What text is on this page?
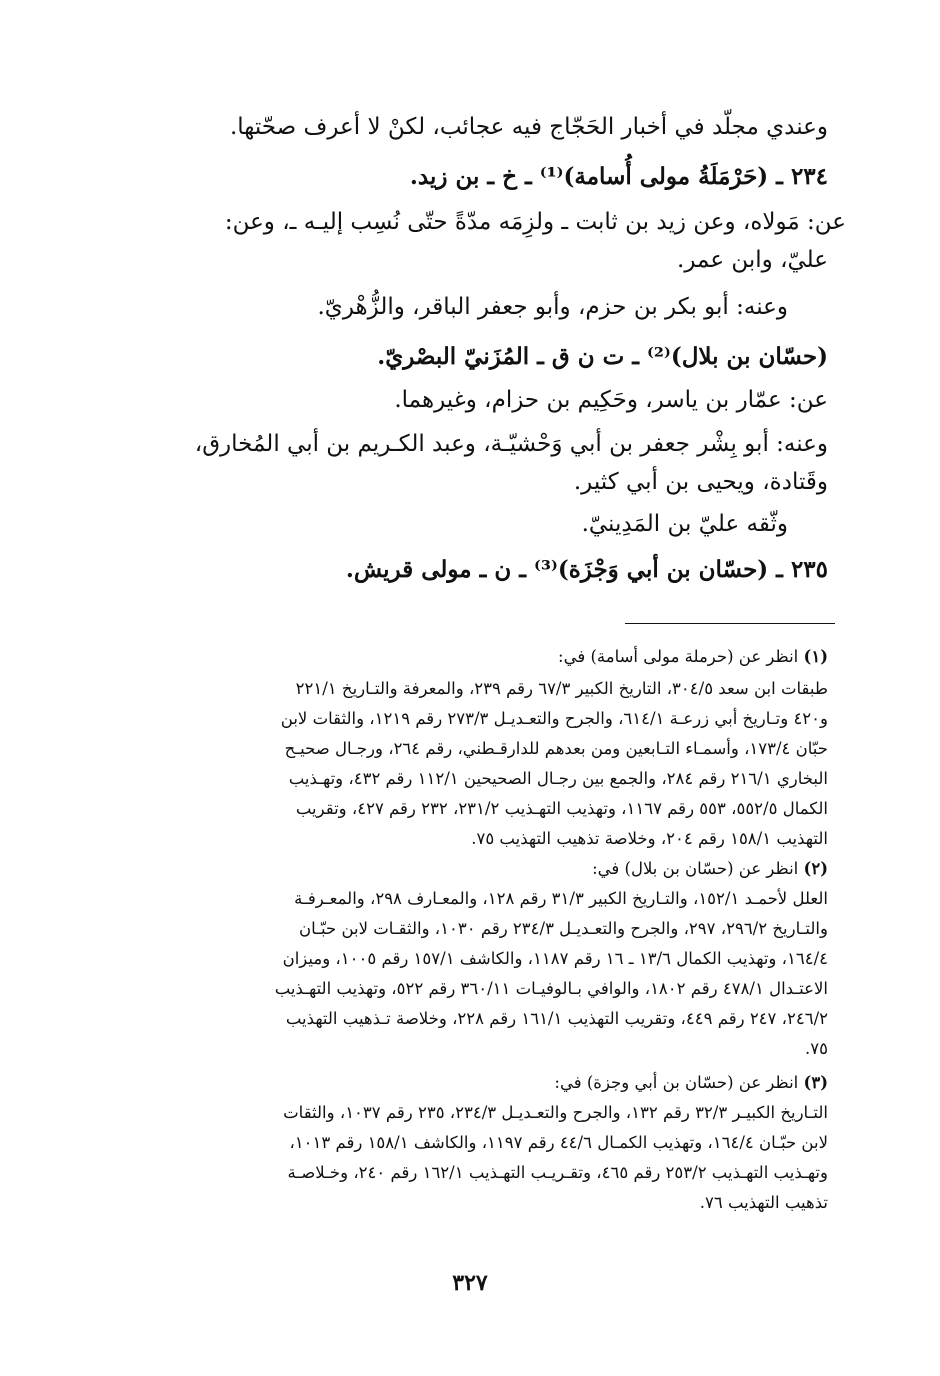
وعندي مجلّد في أخبار الحَجّاج فيه عجائب، لكنْ لا أعرف صحّتها.
٢٣٤ ـ (حَرْمَلَةُ مولى أُسامة)⁽¹⁾ ـ خ ـ بن زيد.
عن: مَولاه، وعن زيد بن ثابت ـ ولزِمَه مدّةً حتّى نُسِب إليـه ـ، وعن:
عليّ، وابن عمر.
وعنه: أبو بكر بن حزم، وأبو جعفر الباقر، والزُّهْريّ.
(حسّان بن بلال)⁽²⁾ ـ ت ن ق ـ المُزَنيّ البصْريّ.
عن: عمّار بن ياسر، وحَكِيم بن حزام، وغيرهما.
وعنه: أبو بِشْر جعفر بن أبي وَحْشيّـة، وعبد الكـريم بن أبي المُخارق،
وقَتادة، ويحيى بن أبي كثير.
وثّقه عليّ بن المَدِينيّ.
٢٣٥ ـ (حسّان بن أبي وَجْزَة)⁽³⁾ ـ ن ـ مولى قريش.
(١) انظر عن (حرملة مولى أسامة) في:
طبقات ابن سعد ٣٠٤/٥، التاريخ الكبير ٦٧/٣ رقم ٢٣٩، والمعرفة والتـاريخ ٢٢١/١
و٤٢٠ وتـاريخ أبي زرعـة ٦١٤/١، والجرح والتعـديـل ٢٧٣/٣ رقم ١٢١٩، والثقات لابن
حبّان ١٧٣/٤، وأسمـاء التـابعين ومن بعدهم للدارقـطني، رقم ٢٦٤، ورجـال صحيـح
البخاري ٢١٦/١ رقم ٢٨٤، والجمع بين رجـال الصحيحين ١١٢/١ رقم ٤٣٢، وتهـذيب
الكمال ٥٥٢/٥، ٥٥٣ رقم ١١٦٧، وتهذيب التهـذيب ٢٣١/٢، ٢٣٢ رقم ٤٢٧، وتقريب
التهذيب ١٥٨/١ رقم ٢٠٤، وخلاصة تذهيب التهذيب ٧٥.
(٢) انظر عن (حسّان بن بلال) في:
العلل لأحمـد ١٥٢/١، والتـاريخ الكبير ٣١/٣ رقم ١٢٨، والمعـارف ٢٩٨، والمعـرفـة
والتـاريخ ٢٩٦/٢، ٢٩٧، والجرح والتعـديـل ٢٣٤/٣ رقم ١٠٣٠، والثقـات لابن حبّـان
١٦٤/٤، وتهذيب الكمال ١٣/٦ ـ ١٦ رقم ١١٨٧، والكاشف ١٥٧/١ رقم ١٠٠٥، وميزان
الاعتـدال ٤٧٨/١ رقم ١٨٠٢، والوافي بـالوفيـات ٣٦٠/١١ رقم ٥٢٢، وتهذيب التهـذيب
٢٤٦/٢، ٢٤٧ رقم ٤٤٩، وتقريب التهذيب ١٦١/١ رقم ٢٢٨، وخلاصة تـذهيب التهذيب
٧٥.
(٣) انظر عن (حسّان بن أبي وجزة) في:
التـاريخ الكبيـر ٣٢/٣ رقم ١٣٢، والجرح والتعـديـل ٢٣٤/٣، ٢٣٥ رقم ١٠٣٧، والثقات
لابن حبّـان ١٦٤/٤، وتهذيب الكمـال ٤٤/٦ رقم ١١٩٧، والكاشف ١٥٨/١ رقم ١٠١٣،
وتهـذيب التهـذيب ٢٥٣/٢ رقم ٤٦٥، وتقـريـب التهـذيب ١٦٢/١ رقم ٢٤٠، وخـلاصـة
تذهيب التهذيب ٧٦.
٣٢٧
